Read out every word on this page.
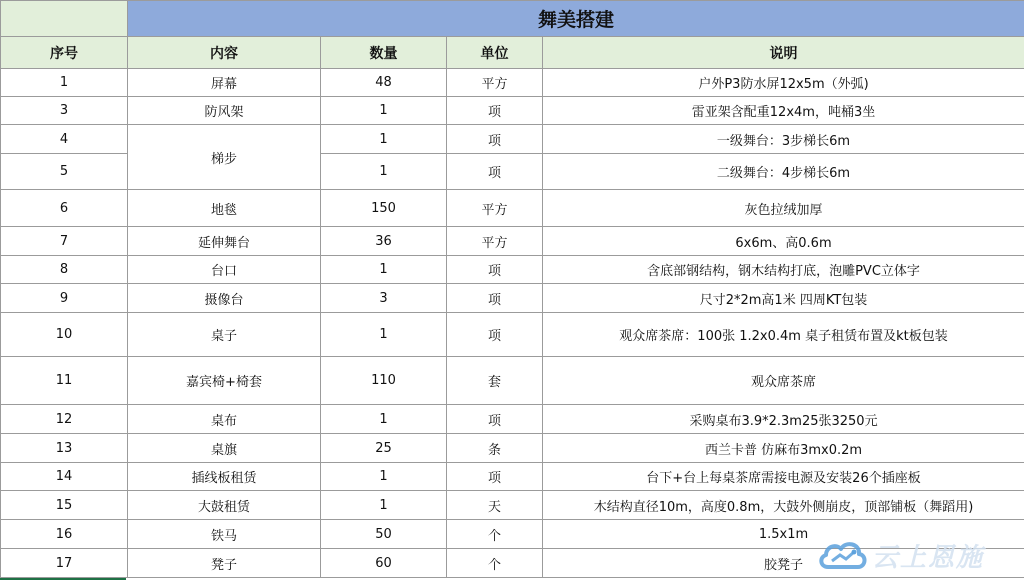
	舞美搭建			
序号	内容	数量	单位	说明
1	屏幕	48	平方	户外P3防水屏12x5m（外弧)
3	防风架	1	项	雷亚架含配重12x4m，吨桶3坐
4	梯步	1	项	一级舞台：3步梯长6m
5		1	项	二级舞台：4步梯长6m
6	地毯	150	平方	灰色拉绒加厚
7	延伸舞台	36	平方	6x6m、高0.6m
8	台口	1	项	含底部钢结构，钢木结构打底，泡雕PVC立体字
9	摄像台	3	项	尺寸2*2m高1米 四周KT包装
10	桌子	1	项	观众席茶席：100张 1.2x0.4m 桌子租赁布置及kt板包装
11	嘉宾椅+椅套	110	套	观众席茶席
12	桌布	1	项	采购桌布3.9*2.3m25张3250元
13	桌旗	25	条	西兰卡普 仿麻布3mx0.2m
14	插线板租赁	1	项	台下+台上每桌茶席需接电源及安装26个插座板
15	大鼓租赁	1	天	木结构直径10m，高度0.8m，大鼓外侧崩皮，顶部铺板（舞蹈用)
16	铁马	50	个	1.5x1m
17	凳子	60	个	胶凳子	云上恩施
